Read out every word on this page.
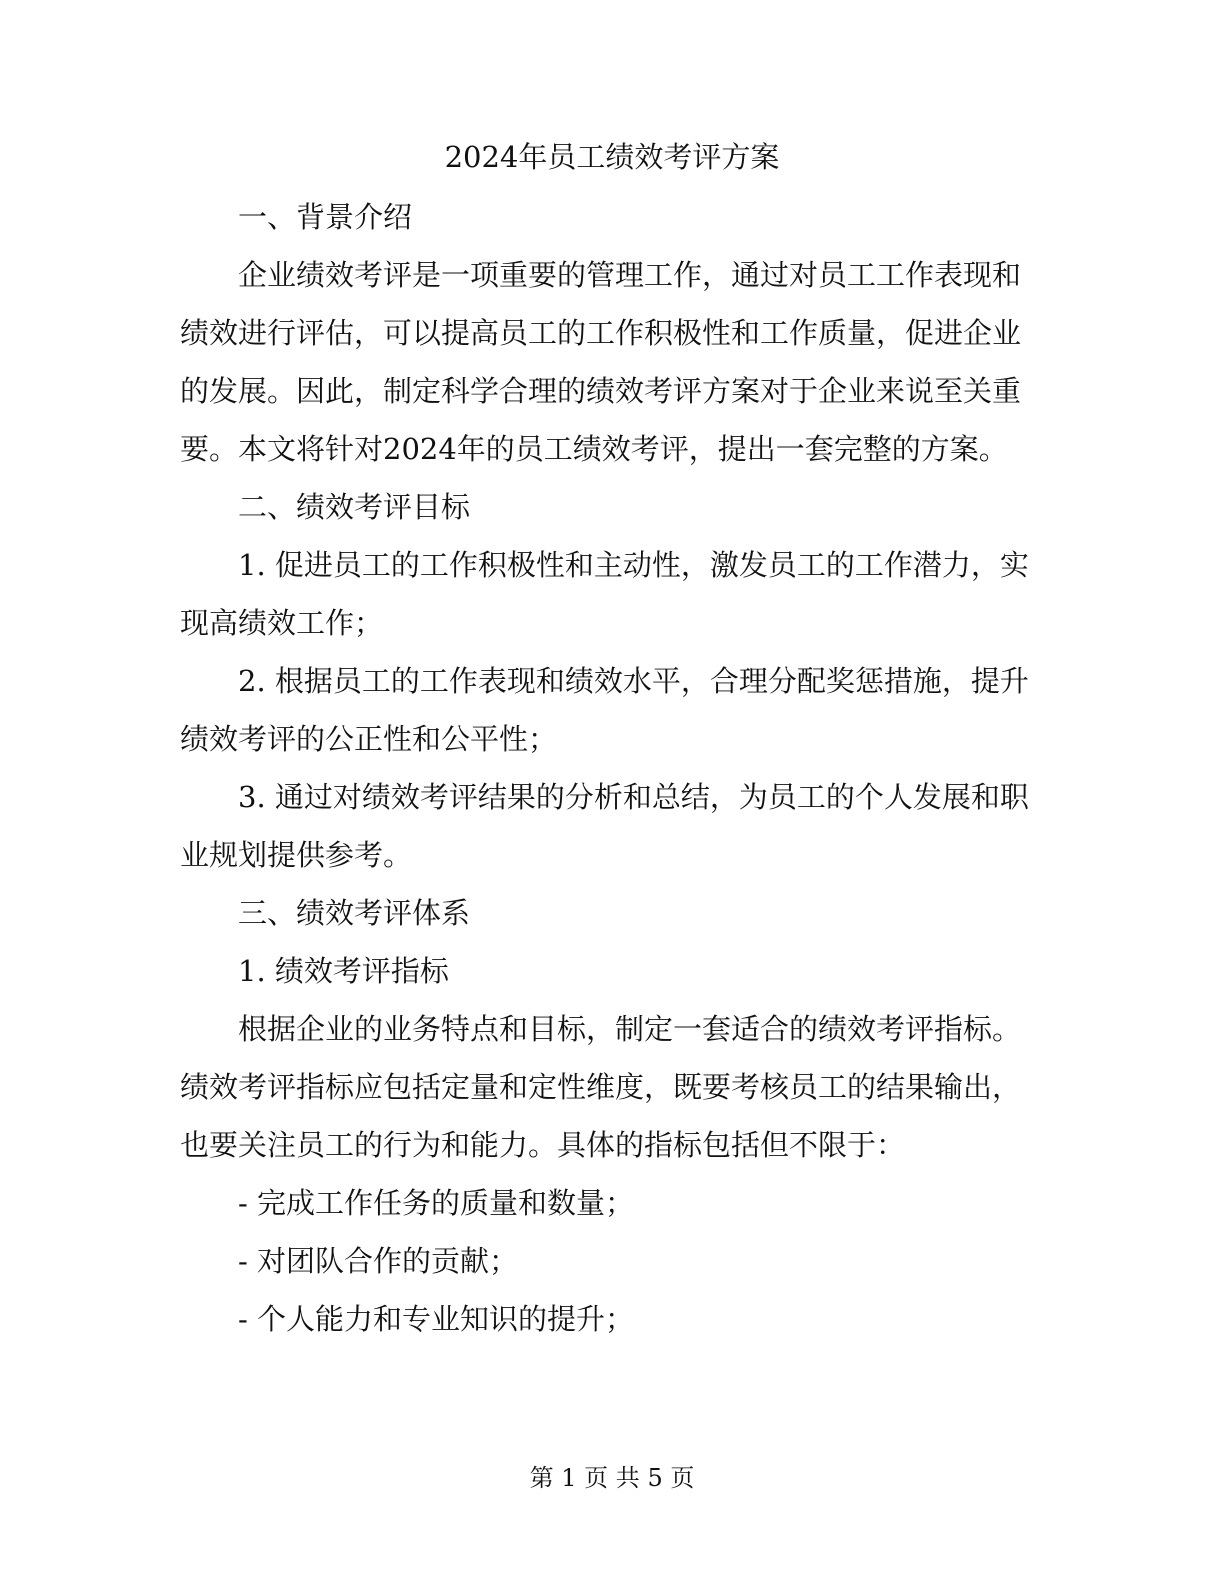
2024年员工绩效考评方案

一、背景介绍

企业绩效考评是一项重要的管理工作，通过对员工工作表现和绩效进行评估，可以提高员工的工作积极性和工作质量，促进企业的发展。因此，制定科学合理的绩效考评方案对于企业来说至关重要。本文将针对2024年的员工绩效考评，提出一套完整的方案。

二、绩效考评目标

1. 促进员工的工作积极性和主动性，激发员工的工作潜力，实现高绩效工作；

2. 根据员工的工作表现和绩效水平，合理分配奖惩措施，提升绩效考评的公正性和公平性；

3. 通过对绩效考评结果的分析和总结，为员工的个人发展和职业规划提供参考。

三、绩效考评体系

1. 绩效考评指标

根据企业的业务特点和目标，制定一套适合的绩效考评指标。绩效考评指标应包括定量和定性维度，既要考核员工的结果输出，也要关注员工的行为和能力。具体的指标包括但不限于：

- 完成工作任务的质量和数量；

- 对团队合作的贡献；

- 个人能力和专业知识的提升；

第 1 页 共 5 页
